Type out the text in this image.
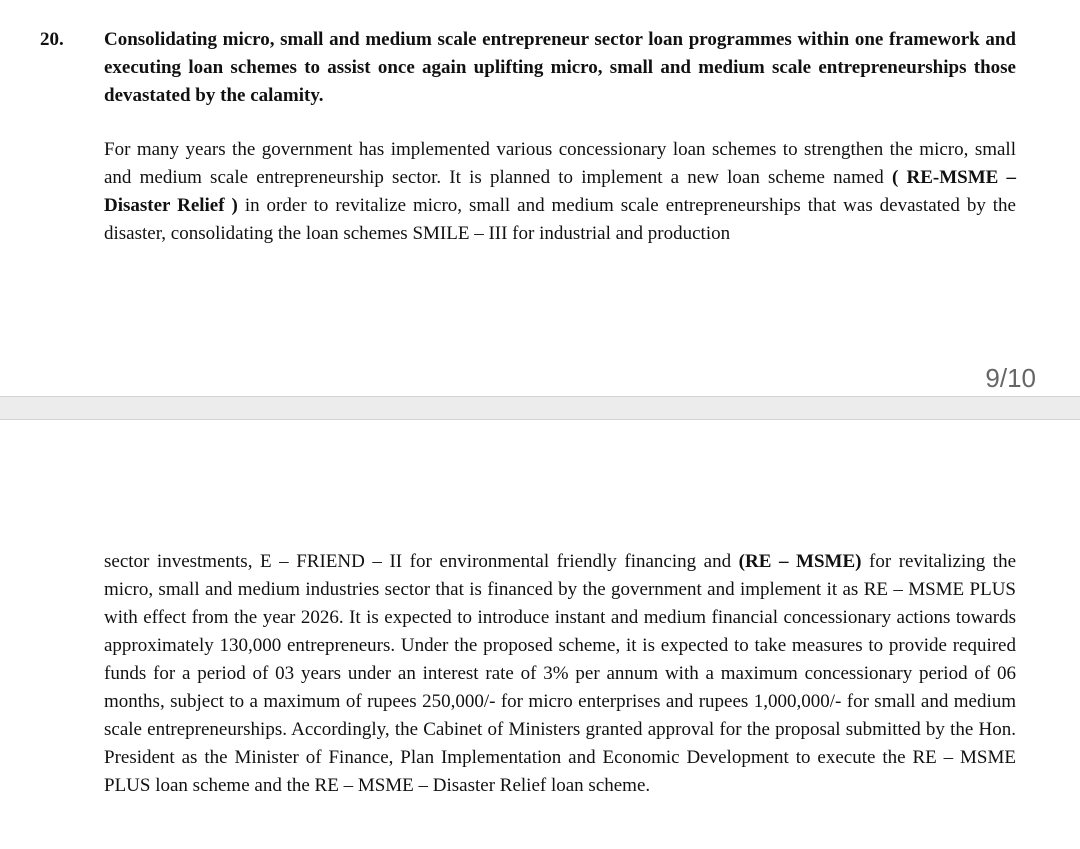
20. Consolidating micro, small and medium scale entrepreneur sector loan programmes within one framework and executing loan schemes to assist once again uplifting micro, small and medium scale entrepreneurships those devastated by the calamity.

For many years the government has implemented various concessionary loan schemes to strengthen the micro, small and medium scale entrepreneurship sector. It is planned to implement a new loan scheme named ( RE-MSME – Disaster Relief ) in order to revitalize micro, small and medium scale entrepreneurships that was devastated by the disaster, consolidating the loan schemes SMILE – III for industrial and production

9/10

sector investments, E – FRIEND – II for environmental friendly financing and (RE – MSME) for revitalizing the micro, small and medium industries sector that is financed by the government and implement it as RE – MSME PLUS with effect from the year 2026. It is expected to introduce instant and medium financial concessionary actions towards approximately 130,000 entrepreneurs. Under the proposed scheme, it is expected to take measures to provide required funds for a period of 03 years under an interest rate of 3% per annum with a maximum concessionary period of 06 months, subject to a maximum of rupees 250,000/- for micro enterprises and rupees 1,000,000/- for small and medium scale entrepreneurships. Accordingly, the Cabinet of Ministers granted approval for the proposal submitted by the Hon. President as the Minister of Finance, Plan Implementation and Economic Development to execute the RE – MSME PLUS loan scheme and the RE – MSME – Disaster Relief loan scheme.
